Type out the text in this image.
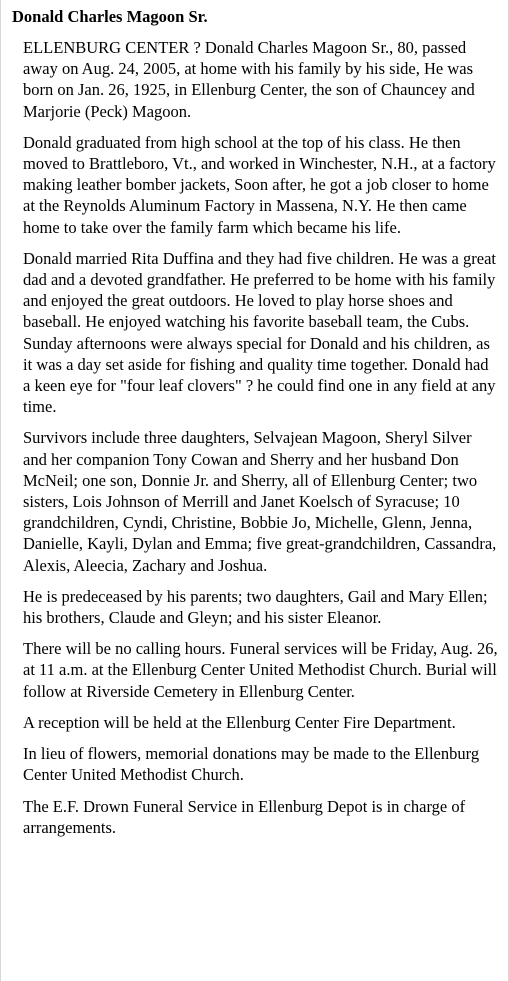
Donald Charles Magoon Sr.

ELLENBURG CENTER ? Donald Charles Magoon Sr., 80, passed away on Aug. 24, 2005, at home with his family by his side, He was born on Jan. 26, 1925, in Ellenburg Center, the son of Chauncey and Marjorie (Peck) Magoon.

Donald graduated from high school at the top of his class. He then moved to Brattleboro, Vt., and worked in Winchester, N.H., at a factory making leather bomber jackets, Soon after, he got a job closer to home at the Reynolds Aluminum Factory in Massena, N.Y. He then came home to take over the family farm which became his life.

Donald married Rita Duffina and they had five children. He was a great dad and a devoted grandfather. He preferred to be home with his family and enjoyed the great outdoors. He loved to play horse shoes and baseball. He enjoyed watching his favorite baseball team, the Cubs. Sunday afternoons were always special for Donald and his children, as it was a day set aside for fishing and quality time together. Donald had a keen eye for "four leaf clovers" ? he could find one in any field at any time.

Survivors include three daughters, Selvajean Magoon, Sheryl Silver and her companion Tony Cowan and Sherry and her husband Don McNeil; one son, Donnie Jr. and Sherry, all of Ellenburg Center; two sisters, Lois Johnson of Merrill and Janet Koelsch of Syracuse; 10 grandchildren, Cyndi, Christine, Bobbie Jo, Michelle, Glenn, Jenna, Danielle, Kayli, Dylan and Emma; five great-grandchildren, Cassandra, Alexis, Aleecia, Zachary and Joshua.

He is predeceased by his parents; two daughters, Gail and Mary Ellen; his brothers, Claude and Gleyn; and his sister Eleanor.

There will be no calling hours. Funeral services will be Friday, Aug. 26, at 11 a.m. at the Ellenburg Center United Methodist Church. Burial will follow at Riverside Cemetery in Ellenburg Center.

A reception will be held at the Ellenburg Center Fire Department.

In lieu of flowers, memorial donations may be made to the Ellenburg Center United Methodist Church.

The E.F. Drown Funeral Service in Ellenburg Depot is in charge of arrangements.
